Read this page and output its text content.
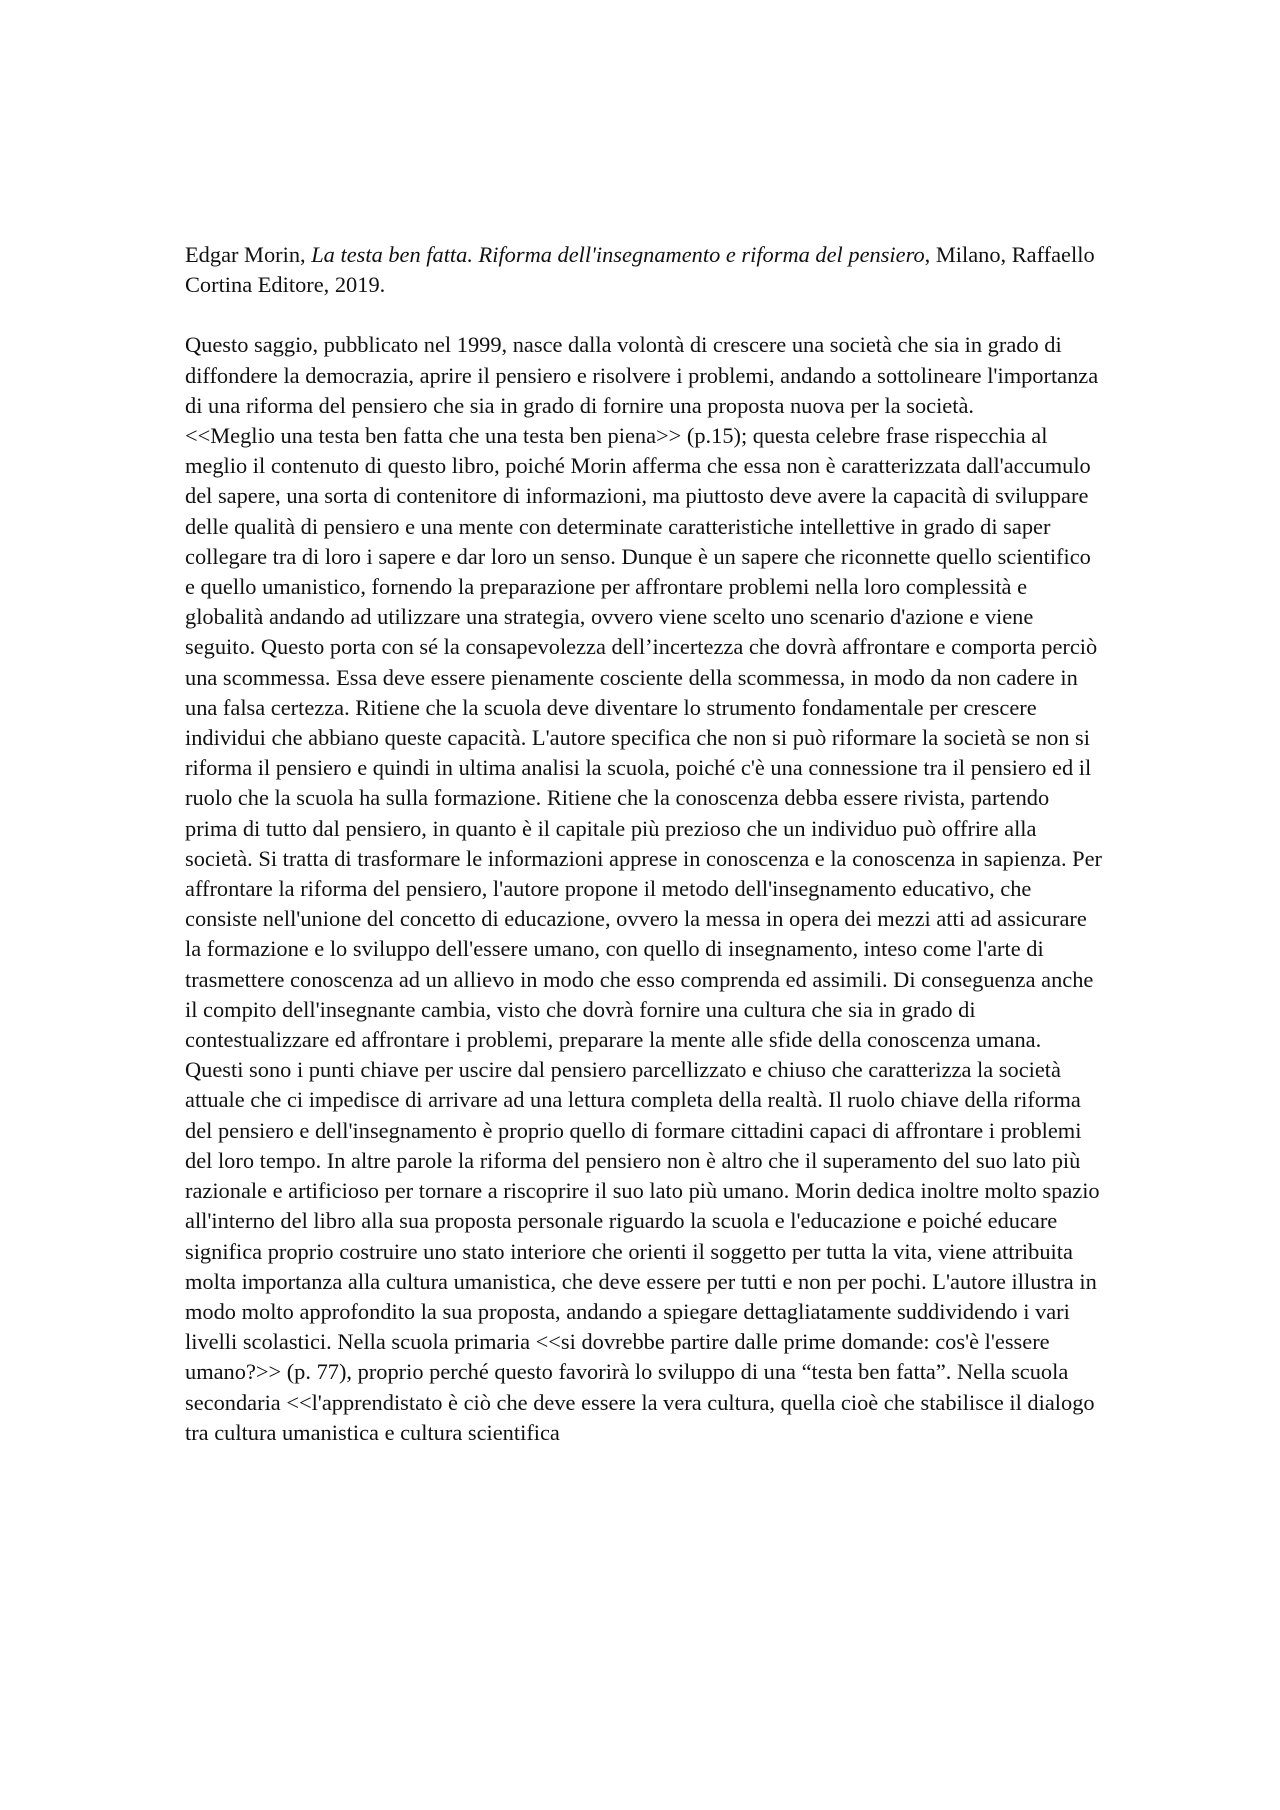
Edgar Morin, La testa ben fatta. Riforma dell'insegnamento e riforma del pensiero, Milano, Raffaello Cortina Editore, 2019.

Questo saggio, pubblicato nel 1999, nasce dalla volontà di crescere una società che sia in grado di diffondere la democrazia, aprire il pensiero e risolvere i problemi, andando a sottolineare l'importanza di una riforma del pensiero che sia in grado di fornire una proposta nuova per la società.

<<Meglio una testa ben fatta che una testa ben piena>> (p.15); questa celebre frase rispecchia al meglio il contenuto di questo libro, poiché Morin afferma che essa non è caratterizzata dall'accumulo del sapere, una sorta di contenitore di informazioni, ma piuttosto deve avere la capacità di sviluppare delle qualità di pensiero e una mente con determinate caratteristiche intellettive in grado di saper collegare tra di loro i sapere e dar loro un senso. Dunque è un sapere che riconnette quello scientifico e quello umanistico, fornendo la preparazione per affrontare problemi nella loro complessità e globalità andando ad utilizzare una strategia, ovvero viene scelto uno scenario d'azione e viene seguito. Questo porta con sé la consapevolezza dell’incertezza che dovrà affrontare e comporta perciò una scommessa. Essa deve essere pienamente cosciente della scommessa, in modo da non cadere in una falsa certezza. Ritiene che la scuola deve diventare lo strumento fondamentale per crescere individui che abbiano queste capacità. L'autore specifica che non si può riformare la società se non si riforma il pensiero e quindi in ultima analisi la scuola, poiché c'è una connessione tra il pensiero ed il ruolo che la scuola ha sulla formazione. Ritiene che la conoscenza debba essere rivista, partendo prima di tutto dal pensiero, in quanto è il capitale più prezioso che un individuo può offrire alla società. Si tratta di trasformare le informazioni apprese in conoscenza e la conoscenza in sapienza. Per affrontare la riforma del pensiero, l'autore propone il metodo dell'insegnamento educativo, che consiste nell'unione del concetto di educazione, ovvero la messa in opera dei mezzi atti ad assicurare la formazione e lo sviluppo dell'essere umano, con quello di insegnamento, inteso come l'arte di trasmettere conoscenza ad un allievo in modo che esso comprenda ed assimili. Di conseguenza anche il compito dell'insegnante cambia, visto che dovrà fornire una cultura che sia in grado di contestualizzare ed affrontare i problemi, preparare la mente alle sfide della conoscenza umana. Questi sono i punti chiave per uscire dal pensiero parcellizzato e chiuso che caratterizza la società attuale che ci impedisce di arrivare ad una lettura completa della realtà. Il ruolo chiave della riforma del pensiero e dell'insegnamento è proprio quello di formare cittadini capaci di affrontare i problemi del loro tempo. In altre parole la riforma del pensiero non è altro che il superamento del suo lato più razionale e artificioso per tornare a riscoprire il suo lato più umano. Morin dedica inoltre molto spazio all'interno del libro alla sua proposta personale riguardo la scuola e l'educazione e poiché educare significa proprio costruire uno stato interiore che orienti il soggetto per tutta la vita, viene attribuita molta importanza alla cultura umanistica, che deve essere per tutti e non per pochi. L'autore illustra in modo molto approfondito la sua proposta, andando a spiegare dettagliatamente suddividendo i vari livelli scolastici. Nella scuola primaria <<si dovrebbe partire dalle prime domande: cos'è l'essere umano?>> (p. 77), proprio perché questo favorirà lo sviluppo di una “testa ben fatta”. Nella scuola secondaria <<l'apprendistato è ciò che deve essere la vera cultura, quella cioè che stabilisce il dialogo tra cultura umanistica e cultura scientifica
